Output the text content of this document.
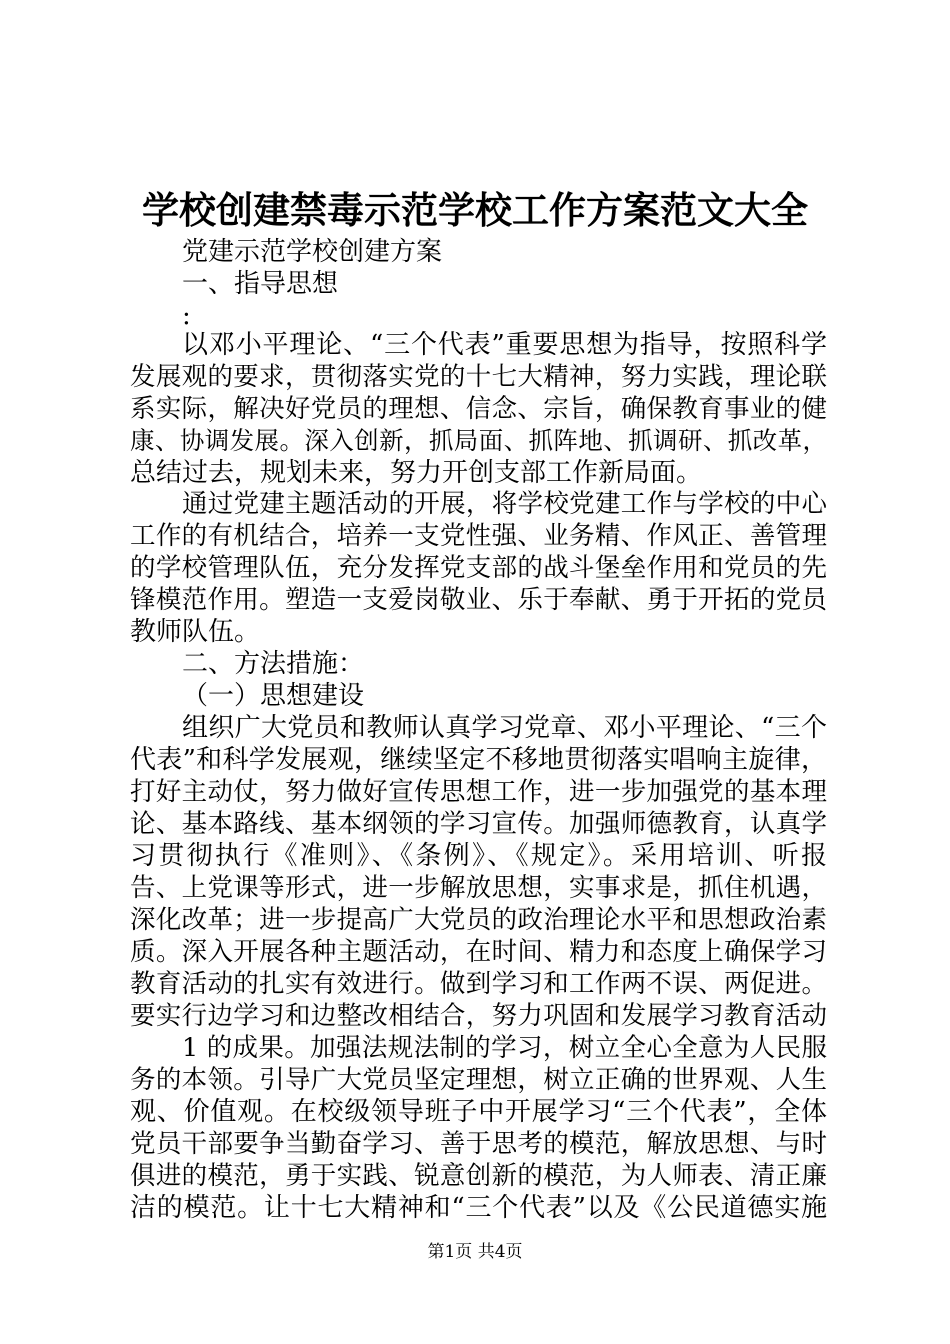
学校创建禁毒示范学校工作方案范文大全
党建示范学校创建方案
一、指导思想
:
以邓小平理论、“三个代表”重要思想为指导，按照科学
发展观的要求，贯彻落实党的十七大精神，努力实践，理论联
系实际，解决好党员的理想、信念、宗旨，确保教育事业的健
康、协调发展。深入创新，抓局面、抓阵地、抓调研、抓改革，
总结过去，规划未来，努力开创支部工作新局面。
通过党建主题活动的开展，将学校党建工作与学校的中心
工作的有机结合，培养一支党性强、业务精、作风正、善管理
的学校管理队伍，充分发挥党支部的战斗堡垒作用和党员的先
锋模范作用。塑造一支爱岗敬业、乐于奉献、勇于开拓的党员
教师队伍。
二、方法措施：
（一）思想建设
组织广大党员和教师认真学习党章、邓小平理论、“三个
代表”和科学发展观，继续坚定不移地贯彻落实唱响主旋律，
打好主动仗，努力做好宣传思想工作，进一步加强党的基本理
论、基本路线、基本纲领的学习宣传。加强师德教育，认真学
习贯彻执行《准则》、《条例》、《规定》。采用培训、听报
告、上党课等形式，进一步解放思想，实事求是，抓住机遇，
深化改革；进一步提高广大党员的政治理论水平和思想政治素
质。深入开展各种主题活动，在时间、精力和态度上确保学习
教育活动的扎实有效进行。做到学习和工作两不误、两促进。
要实行边学习和边整改相结合，努力巩固和发展学习教育活动
1 的成果。加强法规法制的学习，树立全心全意为人民服
务的本领。引导广大党员坚定理想，树立正确的世界观、人生
观、价值观。在校级领导班子中开展学习“三个代表”，全体
党员干部要争当勤奋学习、善于思考的模范，解放思想、与时
俱进的模范，勇于实践、锐意创新的模范，为人师表、清正廉
洁的模范。让十七大精神和“三个代表”以及《公民道德实施
第1页 共4页
